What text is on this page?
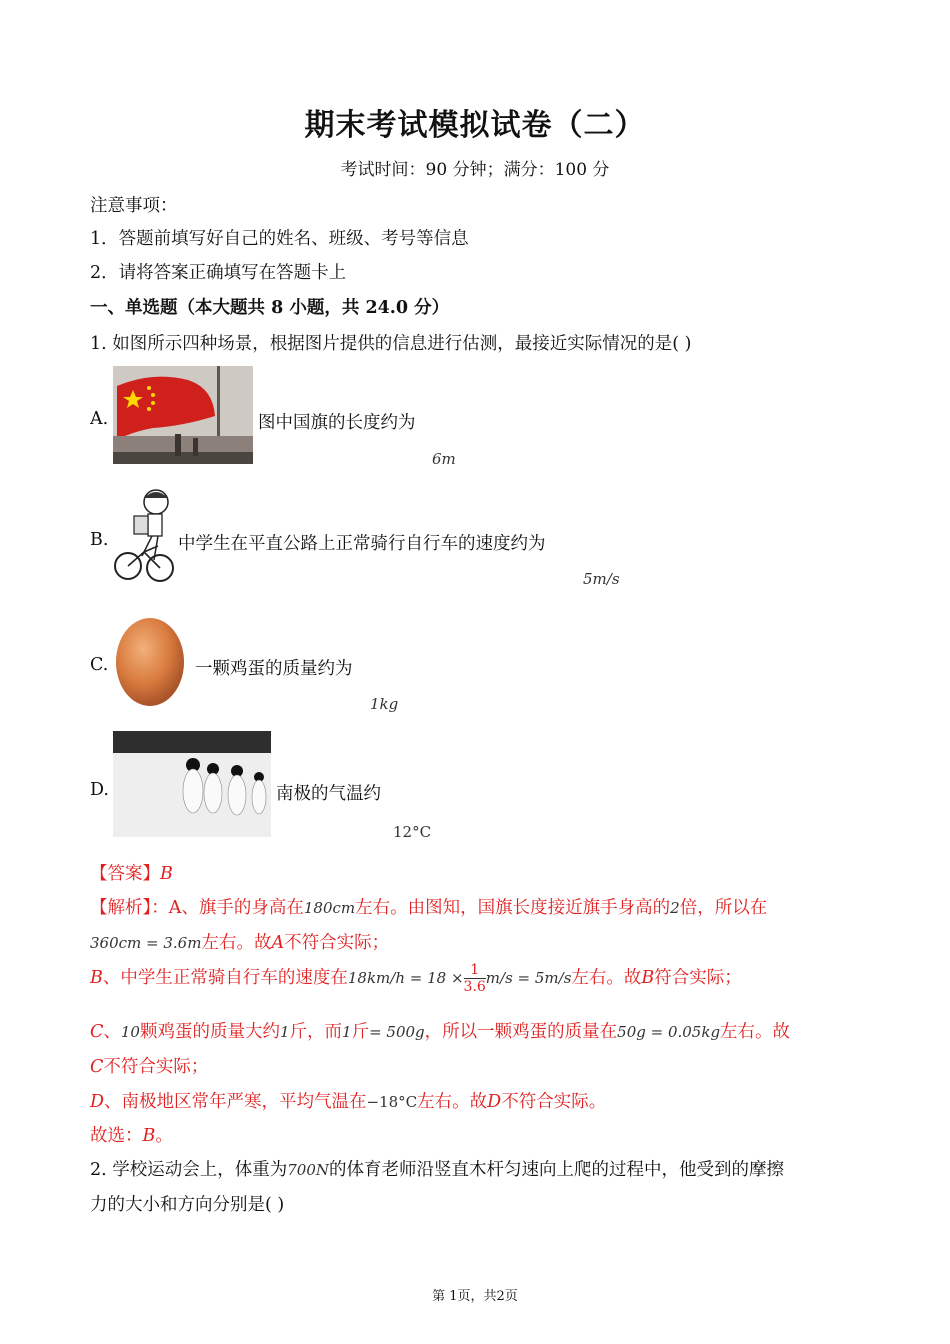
期末考试模拟试卷（二）
考试时间：90 分钟；满分：100 分
注意事项：
1．答题前填写好自己的姓名、班级、考号等信息
2．请将答案正确填写在答题卡上
一、单选题（本大题共 8 小题，共 24.0 分）
1. 如图所示四种场景，根据图片提供的信息进行估测，最接近实际情况的是( )
A.	图中国旗的长度约为
6m
B.	中学生在平直公路上正常骑行自行车的速度约为
5m/s
C.	一颗鸡蛋的质量约为
1kg
D.	南极的气温约
12°C
【答案】B
【解析】：A、旗手的身高在180cm左右。由图知，国旗长度接近旗手身高的2倍，所以在
360cm = 3.6m左右。故A不符合实际；
B、中学生正常骑自行车的速度在$18km/h = 18 \times \frac{1}{3.6} m/s = 5m/s$左右。故B符合实际；
C、10颗鸡蛋的质量大约1斤，而1斤= 500g，所以一颗鸡蛋的质量在50g = 0.05kg左右。故
C不符合实际；
D、南极地区常年严寒，平均气温在−18°C左右。故D不符合实际。
故选：B。
2. 学校运动会上，体重为700N的体育老师沿竖直木杆匀速向上爬的过程中，他受到的摩擦
力的大小和方向分别是( )
第 1页，共2页
